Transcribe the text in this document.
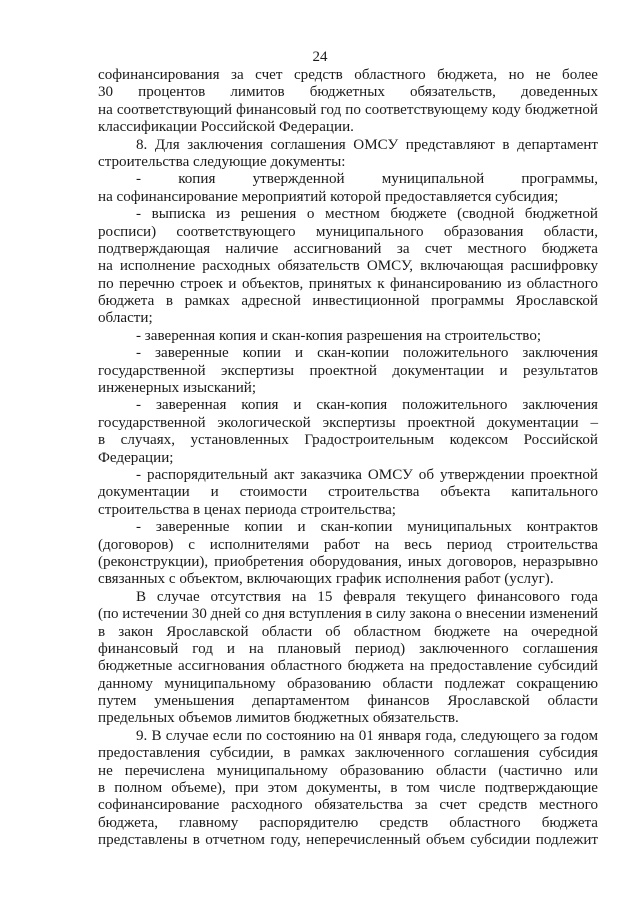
24
софинансирования за счет средств областного бюджета, но не более
30 процентов лимитов бюджетных обязательств, доведенных
на соответствующий финансовый год по соответствующему коду бюджетной
классификации Российской Федерации.
8. Для заключения соглашения ОМСУ представляют в департамент
строительства следующие документы:
- копия утвержденной муниципальной программы,
на софинансирование мероприятий которой предоставляется субсидия;
- выписка из решения о местном бюджете (сводной бюджетной
росписи) соответствующего муниципального образования области,
подтверждающая наличие ассигнований за счет местного бюджета
на исполнение расходных обязательств ОМСУ, включающая расшифровку
по перечню строек и объектов, принятых к финансированию из областного
бюджета в рамках адресной инвестиционной программы Ярославской
области;
- заверенная копия и скан-копия разрешения на строительство;
- заверенные копии и скан-копии положительного заключения
государственной экспертизы проектной документации и результатов
инженерных изысканий;
- заверенная копия и скан-копия положительного заключения
государственной экологической экспертизы проектной документации –
в случаях, установленных Градостроительным кодексом Российской
Федерации;
- распорядительный акт заказчика ОМСУ об утверждении проектной
документации и стоимости строительства объекта капитального
строительства в ценах периода строительства;
- заверенные копии и скан-копии муниципальных контрактов
(договоров) с исполнителями работ на весь период строительства
(реконструкции), приобретения оборудования, иных договоров, неразрывно
связанных с объектом, включающих график исполнения работ (услуг).
В случае отсутствия на 15 февраля текущего финансового года
(по истечении 30 дней со дня вступления в силу закона о внесении изменений
в закон Ярославской области об областном бюджете на очередной
финансовый год и на плановый период) заключенного соглашения
бюджетные ассигнования областного бюджета на предоставление субсидий
данному муниципальному образованию области подлежат сокращению
путем уменьшения департаментом финансов Ярославской области
предельных объемов лимитов бюджетных обязательств.
9. В случае если по состоянию на 01 января года, следующего за годом
предоставления субсидии, в рамках заключенного соглашения субсидия
не перечислена муниципальному образованию области (частично или
в полном объеме), при этом документы, в том числе подтверждающие
софинансирование расходного обязательства за счет средств местного
бюджета, главному распорядителю средств областного бюджета
представлены в отчетном году, неперечисленный объем субсидии подлежит
